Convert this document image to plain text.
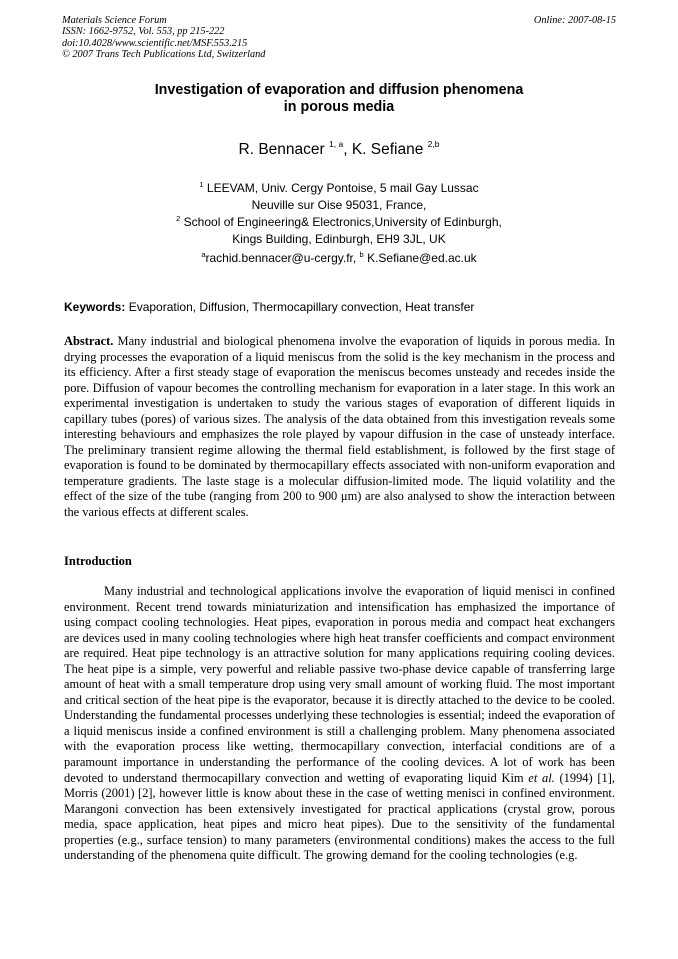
Materials Science Forum
ISSN: 1662-9752, Vol. 553, pp 215-222
doi:10.4028/www.scientific.net/MSF.553.215
© 2007 Trans Tech Publications Ltd, Switzerland
Online: 2007-08-15
Investigation of evaporation and diffusion phenomena
in porous media
R. Bennacer $^{1, a}$, K. Sefiane $^{2,b}$
$^1$ LEEVAM, Univ. Cergy Pontoise, 5 mail Gay Lussac
Neuville sur Oise 95031, France,
$^2$ School of Engineering& Electronics,University of Edinburgh,
Kings Building, Edinburgh, EH9 3JL, UK
$^a$rachid.bennacer@u-cergy.fr, $^b$ K.Sefiane@ed.ac.uk
Keywords: Evaporation, Diffusion, Thermocapillary convection, Heat transfer
Abstract. Many industrial and biological phenomena involve the evaporation of liquids in porous media. In drying processes the evaporation of a liquid meniscus from the solid is the key mechanism in the process and its efficiency. After a first steady stage of evaporation the meniscus becomes unsteady and recedes inside the pore. Diffusion of vapour becomes the controlling mechanism for evaporation in a later stage. In this work an experimental investigation is undertaken to study the various stages of evaporation of different liquids in capillary tubes (pores) of various sizes. The analysis of the data obtained from this investigation reveals some interesting behaviours and emphasizes the role played by vapour diffusion in the case of unsteady interface. The preliminary transient regime allowing the thermal field establishment, is followed by the first stage of evaporation is found to be dominated by thermocapillary effects associated with non-uniform evaporation and temperature gradients. The laste stage is a molecular diffusion-limited mode. The liquid volatility and the effect of the size of the tube (ranging from 200 to 900 μm) are also analysed to show the interaction between the various effects at different scales.
Introduction
Many industrial and technological applications involve the evaporation of liquid menisci in confined environment. Recent trend towards miniaturization and intensification has emphasized the importance of using compact cooling technologies. Heat pipes, evaporation in porous media and compact heat exchangers are devices used in many cooling technologies where high heat transfer coefficients and compact environment are required. Heat pipe technology is an attractive solution for many applications requiring cooling devices. The heat pipe is a simple, very powerful and reliable passive two-phase device capable of transferring large amount of heat with a small temperature drop using very small amount of working fluid. The most important and critical section of the heat pipe is the evaporator, because it is directly attached to the device to be cooled. Understanding the fundamental processes underlying these technologies is essential; indeed the evaporation of a liquid meniscus inside a confined environment is still a challenging problem. Many phenomena associated with the evaporation process like wetting, thermocapillary convection, interfacial conditions are of a paramount importance in understanding the performance of the cooling devices. A lot of work has been devoted to understand thermocapillary convection and wetting of evaporating liquid Kim et al. (1994) [1], Morris (2001) [2], however little is know about these in the case of wetting menisci in confined environment. Marangoni convection has been extensively investigated for practical applications (crystal grow, porous media, space application, heat pipes and micro heat pipes). Due to the sensitivity of the fundamental properties (e.g., surface tension) to many parameters (environmental conditions) makes the access to the full understanding of the phenomena quite difficult. The growing demand for the cooling technologies (e.g.
